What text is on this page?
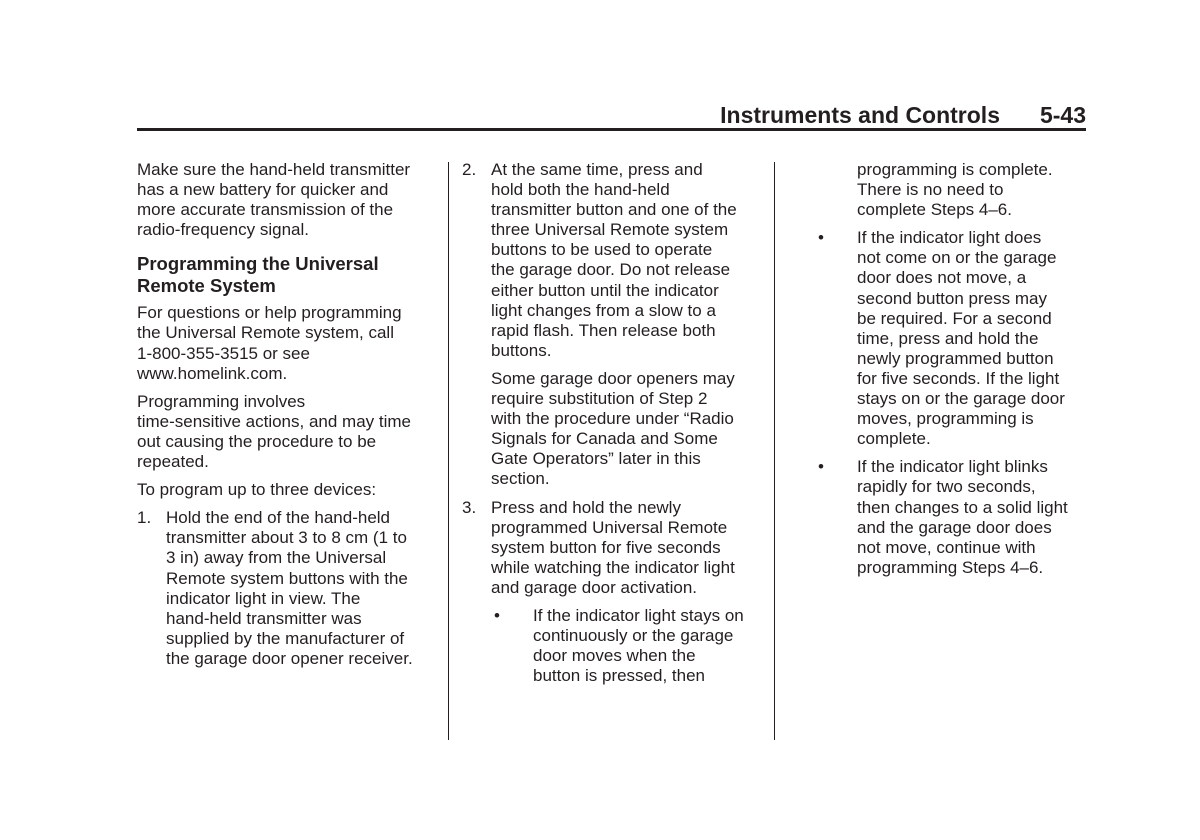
Instruments and Controls 5-43

Make sure the hand-held transmitter
has a new battery for quicker and
more accurate transmission of the
radio-frequency signal.

Programming the Universal
Remote System

For questions or help programming
the Universal Remote system, call
1-800-355-3515 or see
www.homelink.com.

Programming involves
time-sensitive actions, and may time
out causing the procedure to be
repeated.

To program up to three devices:

1. Hold the end of the hand-held
transmitter about 3 to 8 cm (1 to
3 in) away from the Universal
Remote system buttons with the
indicator light in view. The
hand-held transmitter was
supplied by the manufacturer of
the garage door opener receiver.
2. At the same time, press and
hold both the hand-held
transmitter button and one of the
three Universal Remote system
buttons to be used to operate
the garage door. Do not release
either button until the indicator
light changes from a slow to a
rapid flash. Then release both
buttons.
Some garage door openers may
require substitution of Step 2
with the procedure under “Radio
Signals for Canada and Some
Gate Operators” later in this
section.
3. Press and hold the newly
programmed Universal Remote
system button for five seconds
while watching the indicator light
and garage door activation.
• If the indicator light stays on
continuously or the garage
door moves when the
button is pressed, then
programming is complete.
There is no need to
complete Steps 4–6.
• If the indicator light does
not come on or the garage
door does not move, a
second button press may
be required. For a second
time, press and hold the
newly programmed button
for five seconds. If the light
stays on or the garage door
moves, programming is
complete.
• If the indicator light blinks
rapidly for two seconds,
then changes to a solid light
and the garage door does
not move, continue with
programming Steps 4–6.
